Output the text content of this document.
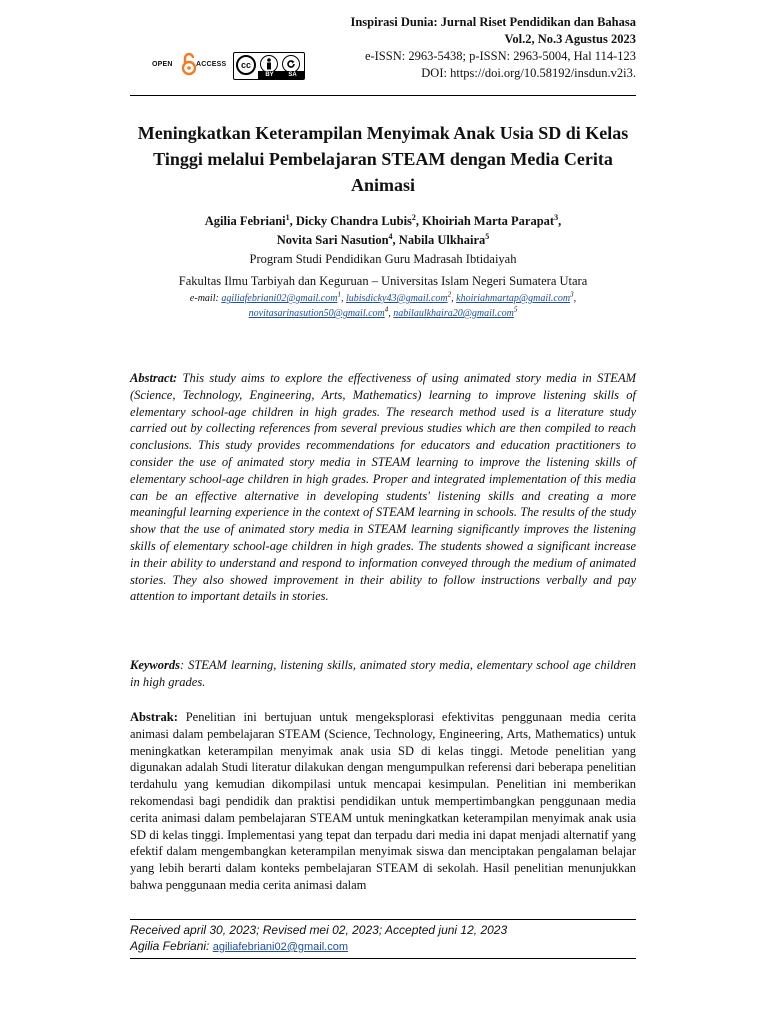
OPEN	ACCESS	cc
BY SA
Inspirasi Dunia: Jurnal Riset Pendidikan dan Bahasa
Vol.2, No.3 Agustus 2023
e-ISSN: 2963-5438; p-ISSN: 2963-5004, Hal 114-123
DOI: https://doi.org/10.58192/insdun.v2i3.
Meningkatkan Keterampilan Menyimak Anak Usia SD di Kelas Tinggi melalui Pembelajaran STEAM dengan Media Cerita Animasi
Agilia Febriani$^1$, Dicky Chandra Lubis$^2$, Khoiriah Marta Parapat$^3$,
Novita Sari Nasution$^4$, Nabila Ulkhaira$^5$
Program Studi Pendidikan Guru Madrasah Ibtidaiyah
Fakultas Ilmu Tarbiyah dan Keguruan – Universitas Islam Negeri Sumatera Utara
e-mail: agiliafebriani02@gmail.com$^1$, lubisdicky43@gmail.com$^2$, khoiriahmartap@gmail.com$^3$,
novitasarinasution50@gmail.com$^4$, nabilaulkhaira20@gmail.com$^5$

Abstract: This study aims to explore the effectiveness of using animated story media in STEAM (Science, Technology, Engineering, Arts, Mathematics) learning to improve listening skills of elementary school-age children in high grades. The research method used is a literature study carried out by collecting references from several previous studies which are then compiled to reach conclusions. This study provides recommendations for educators and education practitioners to consider the use of animated story media in STEAM learning to improve the listening skills of elementary school-age children in high grades. Proper and integrated implementation of this media can be an effective alternative in developing students' listening skills and creating a more meaningful learning experience in the context of STEAM learning in schools. The results of the study show that the use of animated story media in STEAM learning significantly improves the listening skills of elementary school-age children in high grades. The students showed a significant increase in their ability to understand and respond to information conveyed through the medium of animated stories. They also showed improvement in their ability to follow instructions verbally and pay attention to important details in stories.

Keywords: STEAM learning, listening skills, animated story media, elementary school age children in high grades.

Abstrak: Penelitian ini bertujuan untuk mengeksplorasi efektivitas penggunaan media cerita animasi dalam pembelajaran STEAM (Science, Technology, Engineering, Arts, Mathematics) untuk meningkatkan keterampilan menyimak anak usia SD di kelas tinggi. Metode penelitian yang digunakan adalah Studi literatur dilakukan dengan mengumpulkan referensi dari beberapa penelitian terdahulu yang kemudian dikompilasi untuk mencapai kesimpulan. Penelitian ini memberikan rekomendasi bagi pendidik dan praktisi pendidikan untuk mempertimbangkan penggunaan media cerita animasi dalam pembelajaran STEAM untuk meningkatkan keterampilan menyimak anak usia SD di kelas tinggi. Implementasi yang tepat dan terpadu dari media ini dapat menjadi alternatif yang efektif dalam mengembangkan keterampilan menyimak siswa dan menciptakan pengalaman belajar yang lebih berarti dalam konteks pembelajaran STEAM di sekolah. Hasil penelitian menunjukkan bahwa penggunaan media cerita animasi dalam

Received april 30, 2023; Revised mei 02, 2023; Accepted juni 12, 2023
Agilia Febriani: agiliafebriani02@gmail.com
